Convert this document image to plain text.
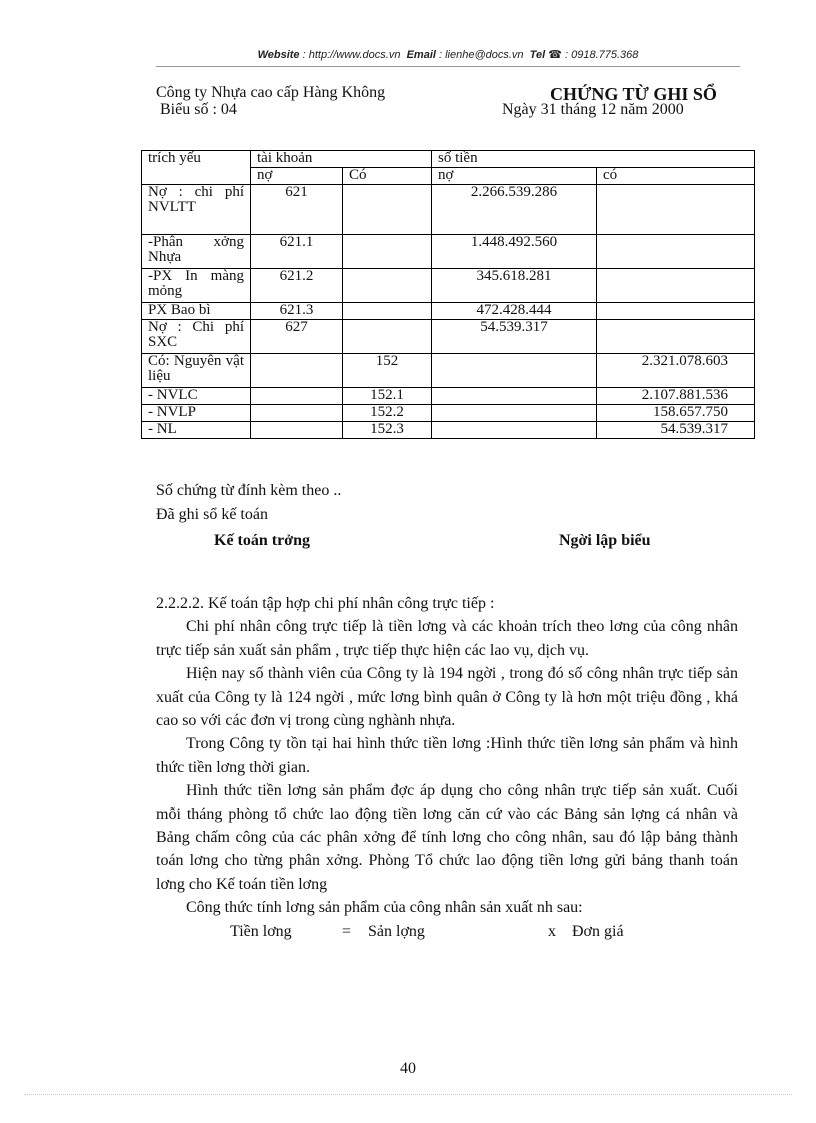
Website : http://www.docs.vn Email : lienhe@docs.vn Tel ☎ : 0918.775.368
Công ty Nhựa cao cấp Hàng Không
Biểu số : 04
CHỨNG TỪ GHI SỔ
Ngày 31 tháng 12 năm 2000
trích yếu	tài khoản		số tiền	
	nợ	Có	nợ	có
Nợ : chi phí NVLTT	621		2.266.539.286	
-Phân xởng Nhựa	621.1		1.448.492.560	
-PX In màng mỏng	621.2		345.618.281	
PX Bao bì	621.3		472.428.444	
Nợ : Chi phí SXC	627		54.539.317	
Có: Nguyên vật liệu		152		2.321.078.603
- NVLC		152.1		2.107.881.536
- NVLP		152.2		158.657.750
- NL		152.3		54.539.317
Số chứng từ đính kèm theo ..
Đã ghi sổ kế toán
Kế toán trởng	Ngời lập biểu

2.2.2.2. Kế toán tập hợp chi phí nhân công trực tiếp :

Chi phí nhân công trực tiếp là tiền lơng và các khoản trích theo lơng của công nhân trực tiếp sản xuất sản phẩm , trực tiếp thực hiện các lao vụ, dịch vụ.

Hiện nay số thành viên của Công ty là 194 ngời , trong đó số công nhân trực tiếp sản xuất của Công ty là 124 ngời , mức lơng bình quân ở Công ty là hơn một triệu đồng , khá cao so với các đơn vị trong cùng nghành nhựa.

Trong Công ty tồn tại hai hình thức tiền lơng :Hình thức tiền lơng sản phẩm và hình thức tiền lơng thời gian.

Hình thức tiền lơng sản phẩm đợc áp dụng cho công nhân trực tiếp sản xuất. Cuối mỗi tháng phòng tổ chức lao động tiền lơng căn cứ vào các Bảng sản lợng cá nhân và Bảng chấm công của các phân xởng để tính lơng cho công nhân, sau đó lập bảng thành toán lơng cho từng phân xởng. Phòng Tổ chức lao động tiền lơng gửi bảng thanh toán lơng cho Kế toán tiền lơng

Công thức tính lơng sản phẩm của công nhân sản xuất nh sau:

Tiền lơng	= Sản lợng	x Đơn giá

40
